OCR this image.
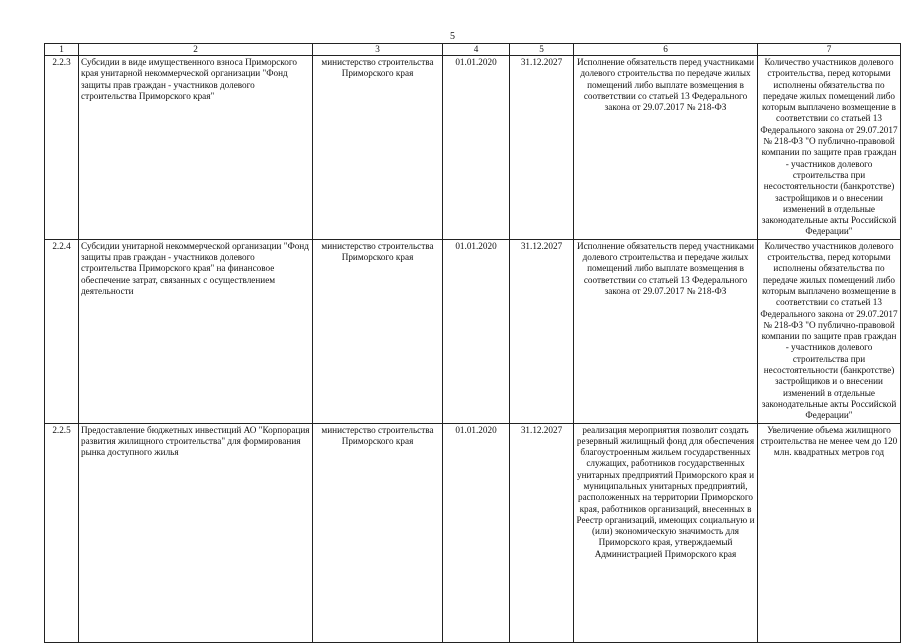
5
1	2	3	4	5	6	7
2.2.3	Субсидии в виде имущественного взноса Приморского края унитарной некоммерческой организации "Фонд защиты прав граждан - участников долевого строительства Приморского края"	министерство строительства Приморского края	01.01.2020	31.12.2027	Исполнение обязательств перед участниками долевого строительства по передаче жилых помещений либо выплате возмещения в соответствии со статьей 13 Федерального закона от 29.07.2017 № 218-ФЗ	Количество участников долевого строительства, перед которыми исполнены обязательства по передаче жилых помещений либо которым выплачено возмещение в соответствии со статьей 13 Федерального закона от 29.07.2017 № 218-ФЗ "О публично-правовой компании по защите прав граждан - участников долевого строительства при несостоятельности (банкротстве) застройщиков и о внесении изменений в отдельные законодательные акты Российской Федерации"
2.2.4	Субсидии унитарной некоммерческой организации "Фонд защиты прав граждан - участников долевого строительства Приморского края" на финансовое обеспечение затрат, связанных с осуществлением деятельности	министерство строительства Приморского края	01.01.2020	31.12.2027	Исполнение обязательств перед участниками долевого строительства и передаче жилых помещений либо выплате возмещения в соответствии со статьей 13 Федерального закона от 29.07.2017 № 218-ФЗ	Количество участников долевого строительства, перед которыми исполнены обязательства по передаче жилых помещений либо которым выплачено возмещение в соответствии со статьей 13 Федерального закона от 29.07.2017 № 218-ФЗ "О публично-правовой компании по защите прав граждан - участников долевого строительства при несостоятельности (банкротстве) застройщиков и о внесении изменений в отдельные законодательные акты Российской Федерации"
2.2.5	Предоставление бюджетных инвестиций АО "Корпорация развития жилищного строительства" для формирования рынка доступного жилья	министерство строительства Приморского края	01.01.2020	31.12.2027	реализация мероприятия позволит создать резервный жилищный фонд для обеспечения благоустроенным жильем государственных служащих, работников государственных унитарных предприятий Приморского края и муниципальных унитарных предприятий, расположенных на территории Приморского края, работников организаций, внесенных в Реестр организаций, имеющих социальную и (или) экономическую значимость для Приморского края, утверждаемый Администрацией Приморского края	Увеличение объема жилищного строительства не менее чем до 120 млн. квадратных метров год
